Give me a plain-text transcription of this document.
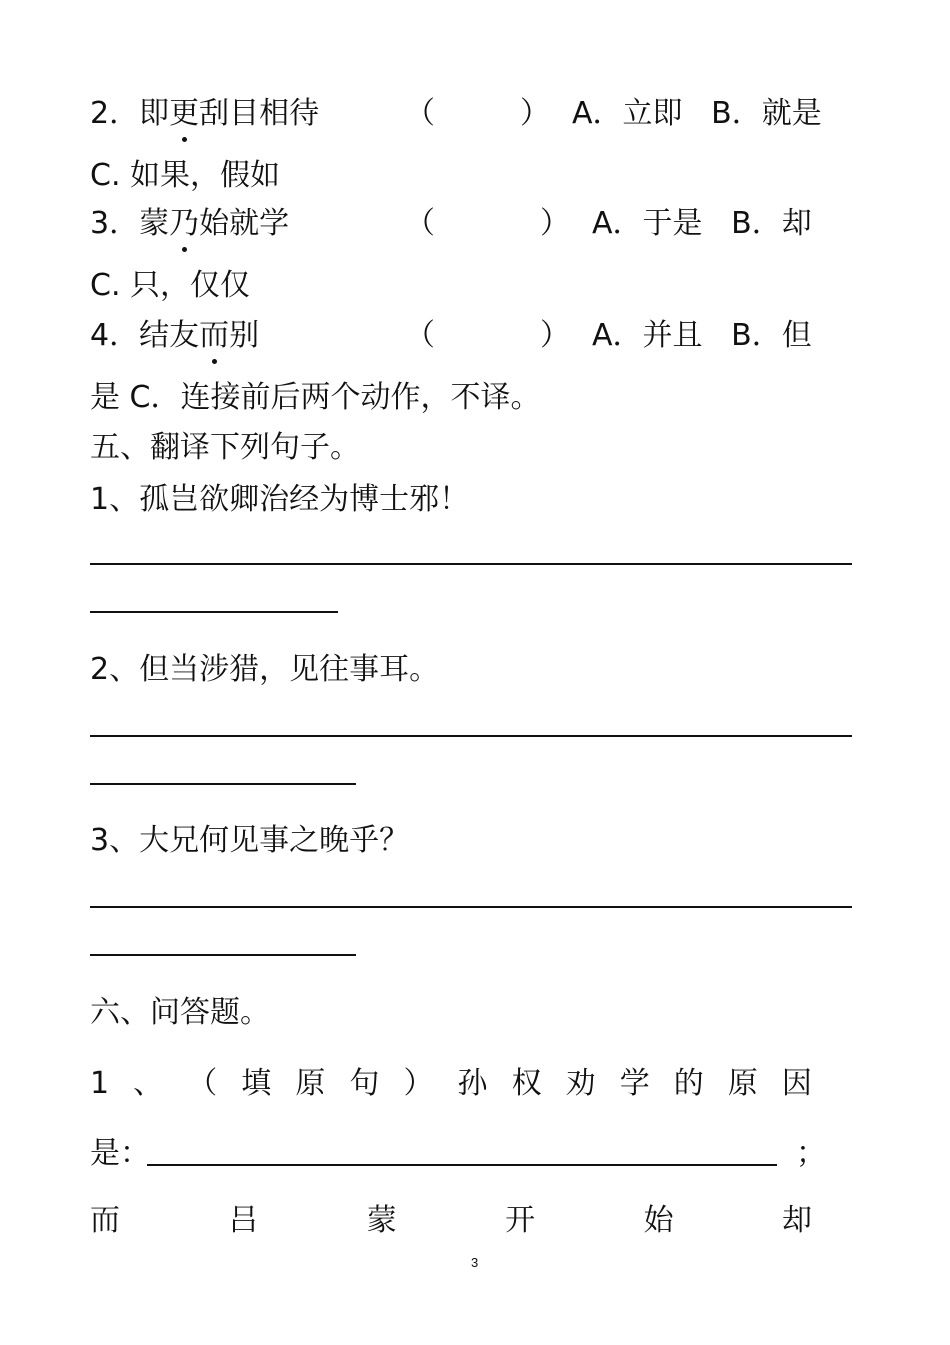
2．即更刮目相待	（	） A．立即   B．就是
C. 如果，假如
3．蒙乃始就学	（	） A．于是   B．却
C. 只，仅仅
4．结友而别	（	） A．并且   B．但
是 C．连接前后两个动作，不译。
五、翻译下列句子。
1、孤岂欲卿治经为博士邪！
2、但当涉猎，见往事耳。
3、大兄何见事之晚乎？
六、问答题。
1 、 （ 填 原 句 ） 孙 权 劝 学 的 原 因
是：	；
而	吕	蒙	开	始	却
3
